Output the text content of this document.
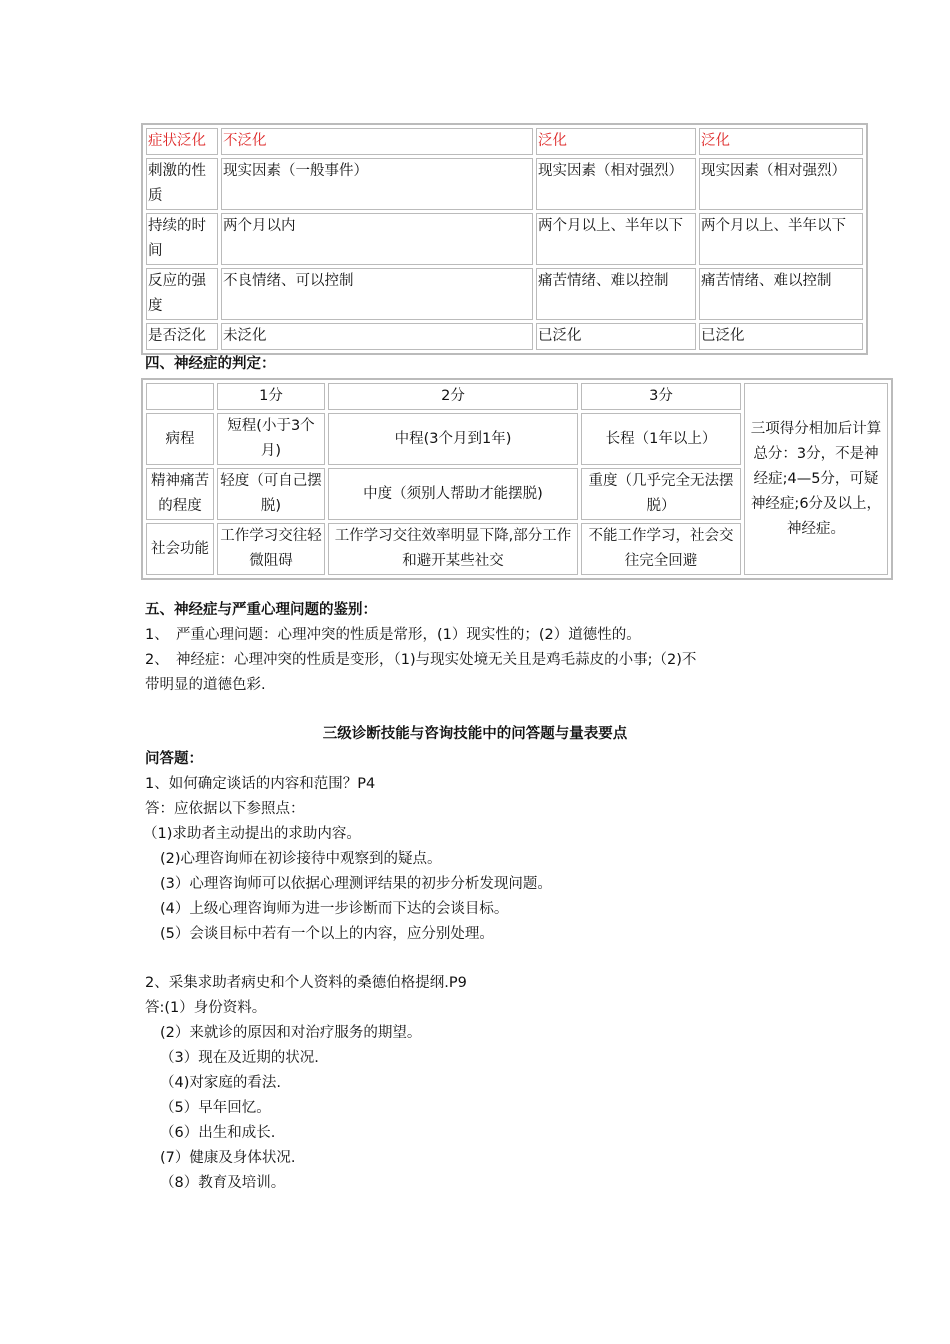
症状泛化	不泛化	泛化	泛化
刺激的性质	现实因素（一般事件）	现实因素（相对强烈）	现实因素（相对强烈）
持续的时间	两个月以内	两个月以上、半年以下	两个月以上、半年以下
反应的强度	不良情绪、可以控制	痛苦情绪、难以控制	痛苦情绪、难以控制
是否泛化	未泛化	已泛化	已泛化
四、神经症的判定：
	1分	2分	3分	三项得分相加后计算总分：3分，不是神经症;4—5分，可疑神经症;6分及以上，神经症。
病程	短程(小于3个月)	中程(3个月到1年)	长程（1年以上）	
精神痛苦的程度	轻度（可自己摆脱)	中度（须别人帮助才能摆脱)	重度（几乎完全无法摆脱）	
社会功能	工作学习交往轻微阻碍	工作学习交往效率明显下降,部分工作和避开某些社交	不能工作学习，社会交往完全回避	
五、神经症与严重心理问题的鉴别：
1、　严重心理问题：心理冲突的性质是常形，(1）现实性的；(2）道德性的。
2、　神经症：心理冲突的性质是变形，（1)与现实处境无关且是鸡毛蒜皮的小事;（2)不
带明显的道德色彩.
三级诊断技能与咨询技能中的问答题与量表要点
问答题：
1、如何确定谈话的内容和范围？P4
答：应依据以下参照点：
（1)求助者主动提出的求助内容。
(2)心理咨询师在初诊接待中观察到的疑点。
(3）心理咨询师可以依据心理测评结果的初步分析发现问题。
(4）上级心理咨询师为进一步诊断而下达的会谈目标。
(5）会谈目标中若有一个以上的内容，应分别处理。
2、采集求助者病史和个人资料的桑德伯格提纲.P9
答:(1）身份资料。
(2）来就诊的原因和对治疗服务的期望。
（3）现在及近期的状况.
（4)对家庭的看法.
（5）早年回忆。
（6）出生和成长.
(7）健康及身体状况.
（8）教育及培训。
